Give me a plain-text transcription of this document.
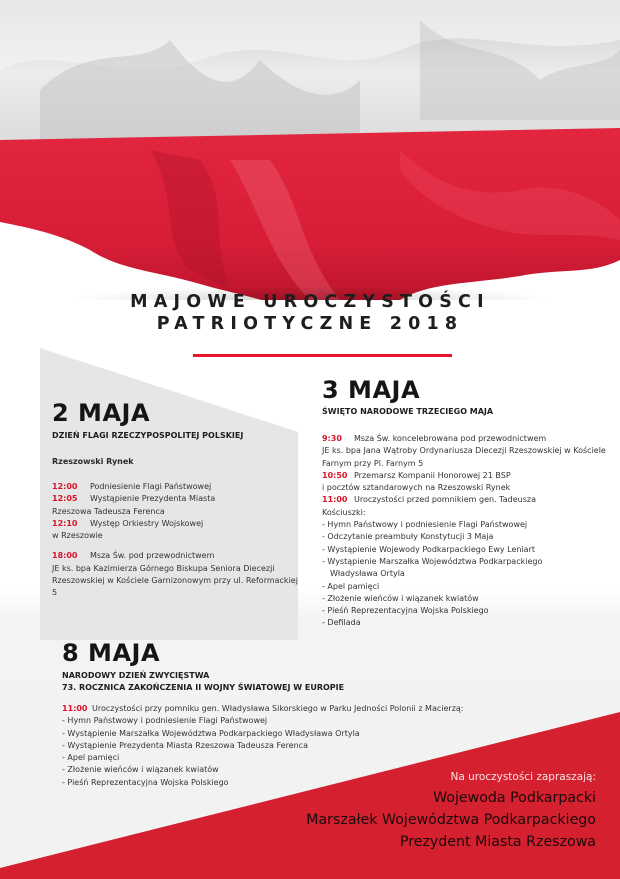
MAJOWE UROCZYSTOŚCI
PATRIOTYCZNE 2018
2 MAJA
DZIEŃ FLAGI RZECZYPOSPOLITEJ POLSKIEJ
Rzeszowski Rynek
12:00 Podniesienie Flagi Państwowej
12:05 Wystąpienie Prezydenta Miasta
Rzeszowa Tadeusza Ferenca
12:10 Występ Orkiestry Wojskowej
w Rzeszowie
18:00 Msza Św. pod przewodnictwem
JE ks. bpa Kazimierza Górnego Biskupa Seniora Diecezji Rzeszowskiej w Kościele Garnizonowym przy ul. Reformackiej 5
3 MAJA
ŚWIĘTO NARODOWE TRZECIEGO MAJA
9:30 Msza Św. koncelebrowana pod przewodnictwem
JE ks. bpa Jana Wątroby Ordynariusza Diecezji Rzeszowskiej w Kościele Farnym przy Pl. Farnym 5
10:50 Przemarsz Kompanii Honorowej 21 BSP
i pocztów sztandarowych na Rzeszowski Rynek
11:00 Uroczystości przed pomnikiem gen. Tadeusza
Kościuszki:
- Hymn Państwowy i podniesienie Flagi Państwowej
- Odczytanie preambuły Konstytucji 3 Maja
- Wystąpienie Wojewody Podkarpackiego Ewy Leniart
- Wystąpienie Marszałka Województwa Podkarpackiego
Władysława Ortyla
- Apel pamięci
- Złożenie wieńców i wiązanek kwiatów
- Pieśń Reprezentacyjna Wojska Polskiego
- Defilada
8 MAJA
NARODOWY DZIEŃ ZWYCIĘSTWA
73. ROCZNICA ZAKOŃCZENIA II WOJNY ŚWIATOWEJ W EUROPIE
11:00 Uroczystości przy pomniku gen. Władysława Sikorskiego w Parku Jedności Polonii z Macierzą:
- Hymn Państwowy i podniesienie Flagi Państwowej
- Wystąpienie Marszałka Województwa Podkarpackiego Władysława Ortyla
- Wystąpienie Prezydenta Miasta Rzeszowa Tadeusza Ferenca
- Apel pamięci
- Złożenie wieńców i wiązanek kwiatów
- Pieśń Reprezentacyjna Wojska Polskiego	Na uroczystości zapraszają:
Wojewoda Podkarpacki
Marszałek Województwa Podkarpackiego
Prezydent Miasta Rzeszowa
